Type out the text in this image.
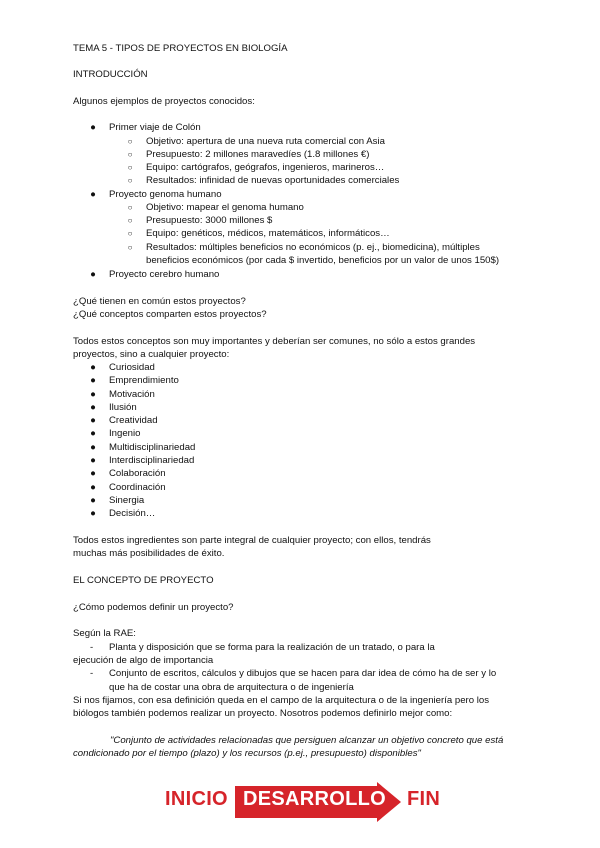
TEMA 5 - TIPOS DE PROYECTOS EN BIOLOGÍA
INTRODUCCIÓN
Algunos ejemplos de proyectos conocidos:
● Primer viaje de Colón
○ Objetivo: apertura de una nueva ruta comercial con Asia
○ Presupuesto: 2 millones maravedíes (1.8 millones €)
○ Equipo: cartógrafos, geógrafos, ingenieros, marineros…
○ Resultados: infinidad de nuevas oportunidades comerciales
● Proyecto genoma humano
○ Objetivo: mapear el genoma humano
○ Presupuesto: 3000 millones $
○ Equipo: genéticos, médicos, matemáticos, informáticos…
○ Resultados: múltiples beneficios no económicos (p. ej., biomedicina), múltiples
beneficios económicos (por cada $ invertido, beneficios por un valor de unos 150$)
● Proyecto cerebro humano
¿Qué tienen en común estos proyectos?
¿Qué conceptos comparten estos proyectos?
Todos estos conceptos son muy importantes y deberían ser comunes, no sólo a estos grandes
proyectos, sino a cualquier proyecto:
● Curiosidad
● Emprendimiento
● Motivación
● Ilusión
● Creatividad
● Ingenio
● Multidisciplinariedad
● Interdisciplinariedad
● Colaboración
● Coordinación
● Sinergia
● Decisión…
Todos estos ingredientes son parte integral de cualquier proyecto; con ellos, tendrás
muchas más posibilidades de éxito.
EL CONCEPTO DE PROYECTO
¿Cómo podemos definir un proyecto?
Según la RAE:
- Planta y disposición que se forma para la realización de un tratado, o para la
ejecución de algo de importancia
- Conjunto de escritos, cálculos y dibujos que se hacen para dar idea de cómo ha de ser y lo
que ha de costar una obra de arquitectura o de ingeniería
Si nos fijamos, con esa definición queda en el campo de la arquitectura o de la ingeniería pero los
biólogos también podemos realizar un proyecto. Nosotros podemos definirlo mejor como:
"Conjunto de actividades relacionadas que persiguen alcanzar un objetivo concreto que está
condicionado por el tiempo (plazo) y los recursos (p.ej., presupuesto) disponibles"
INICIO DESARROLLO FIN
